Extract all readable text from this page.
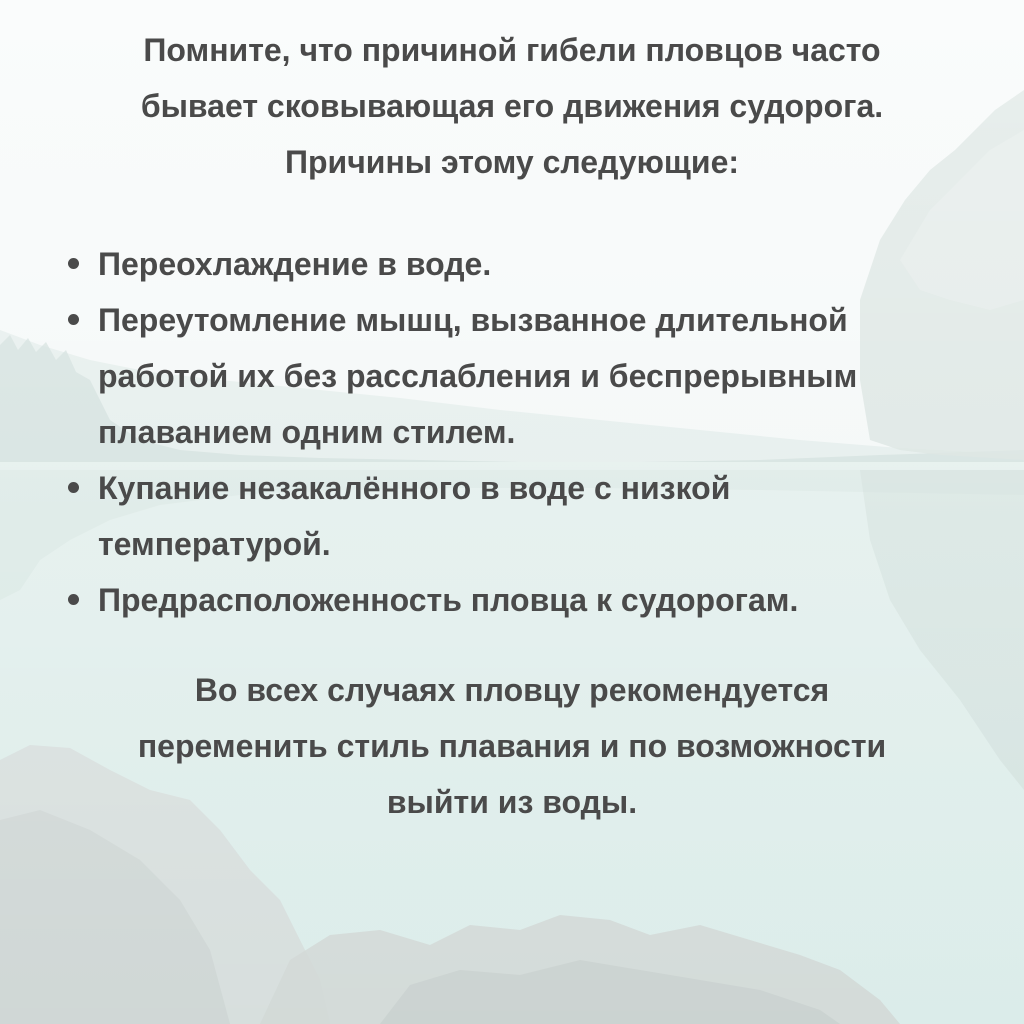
Помните, что причиной гибели пловцов часто
бывает сковывающая его движения судорога.
Причины этому следующие:
Переохлаждение в воде.
Переутомление мышц, вызванное длительной
работой их без расслабления и беспрерывным
плаванием одним стилем.
Купание незакалённого в воде с низкой
температурой.
Предрасположенность пловца к судорогам.
Во всех случаях пловцу рекомендуется
переменить стиль плавания и по возможности
выйти из воды.
